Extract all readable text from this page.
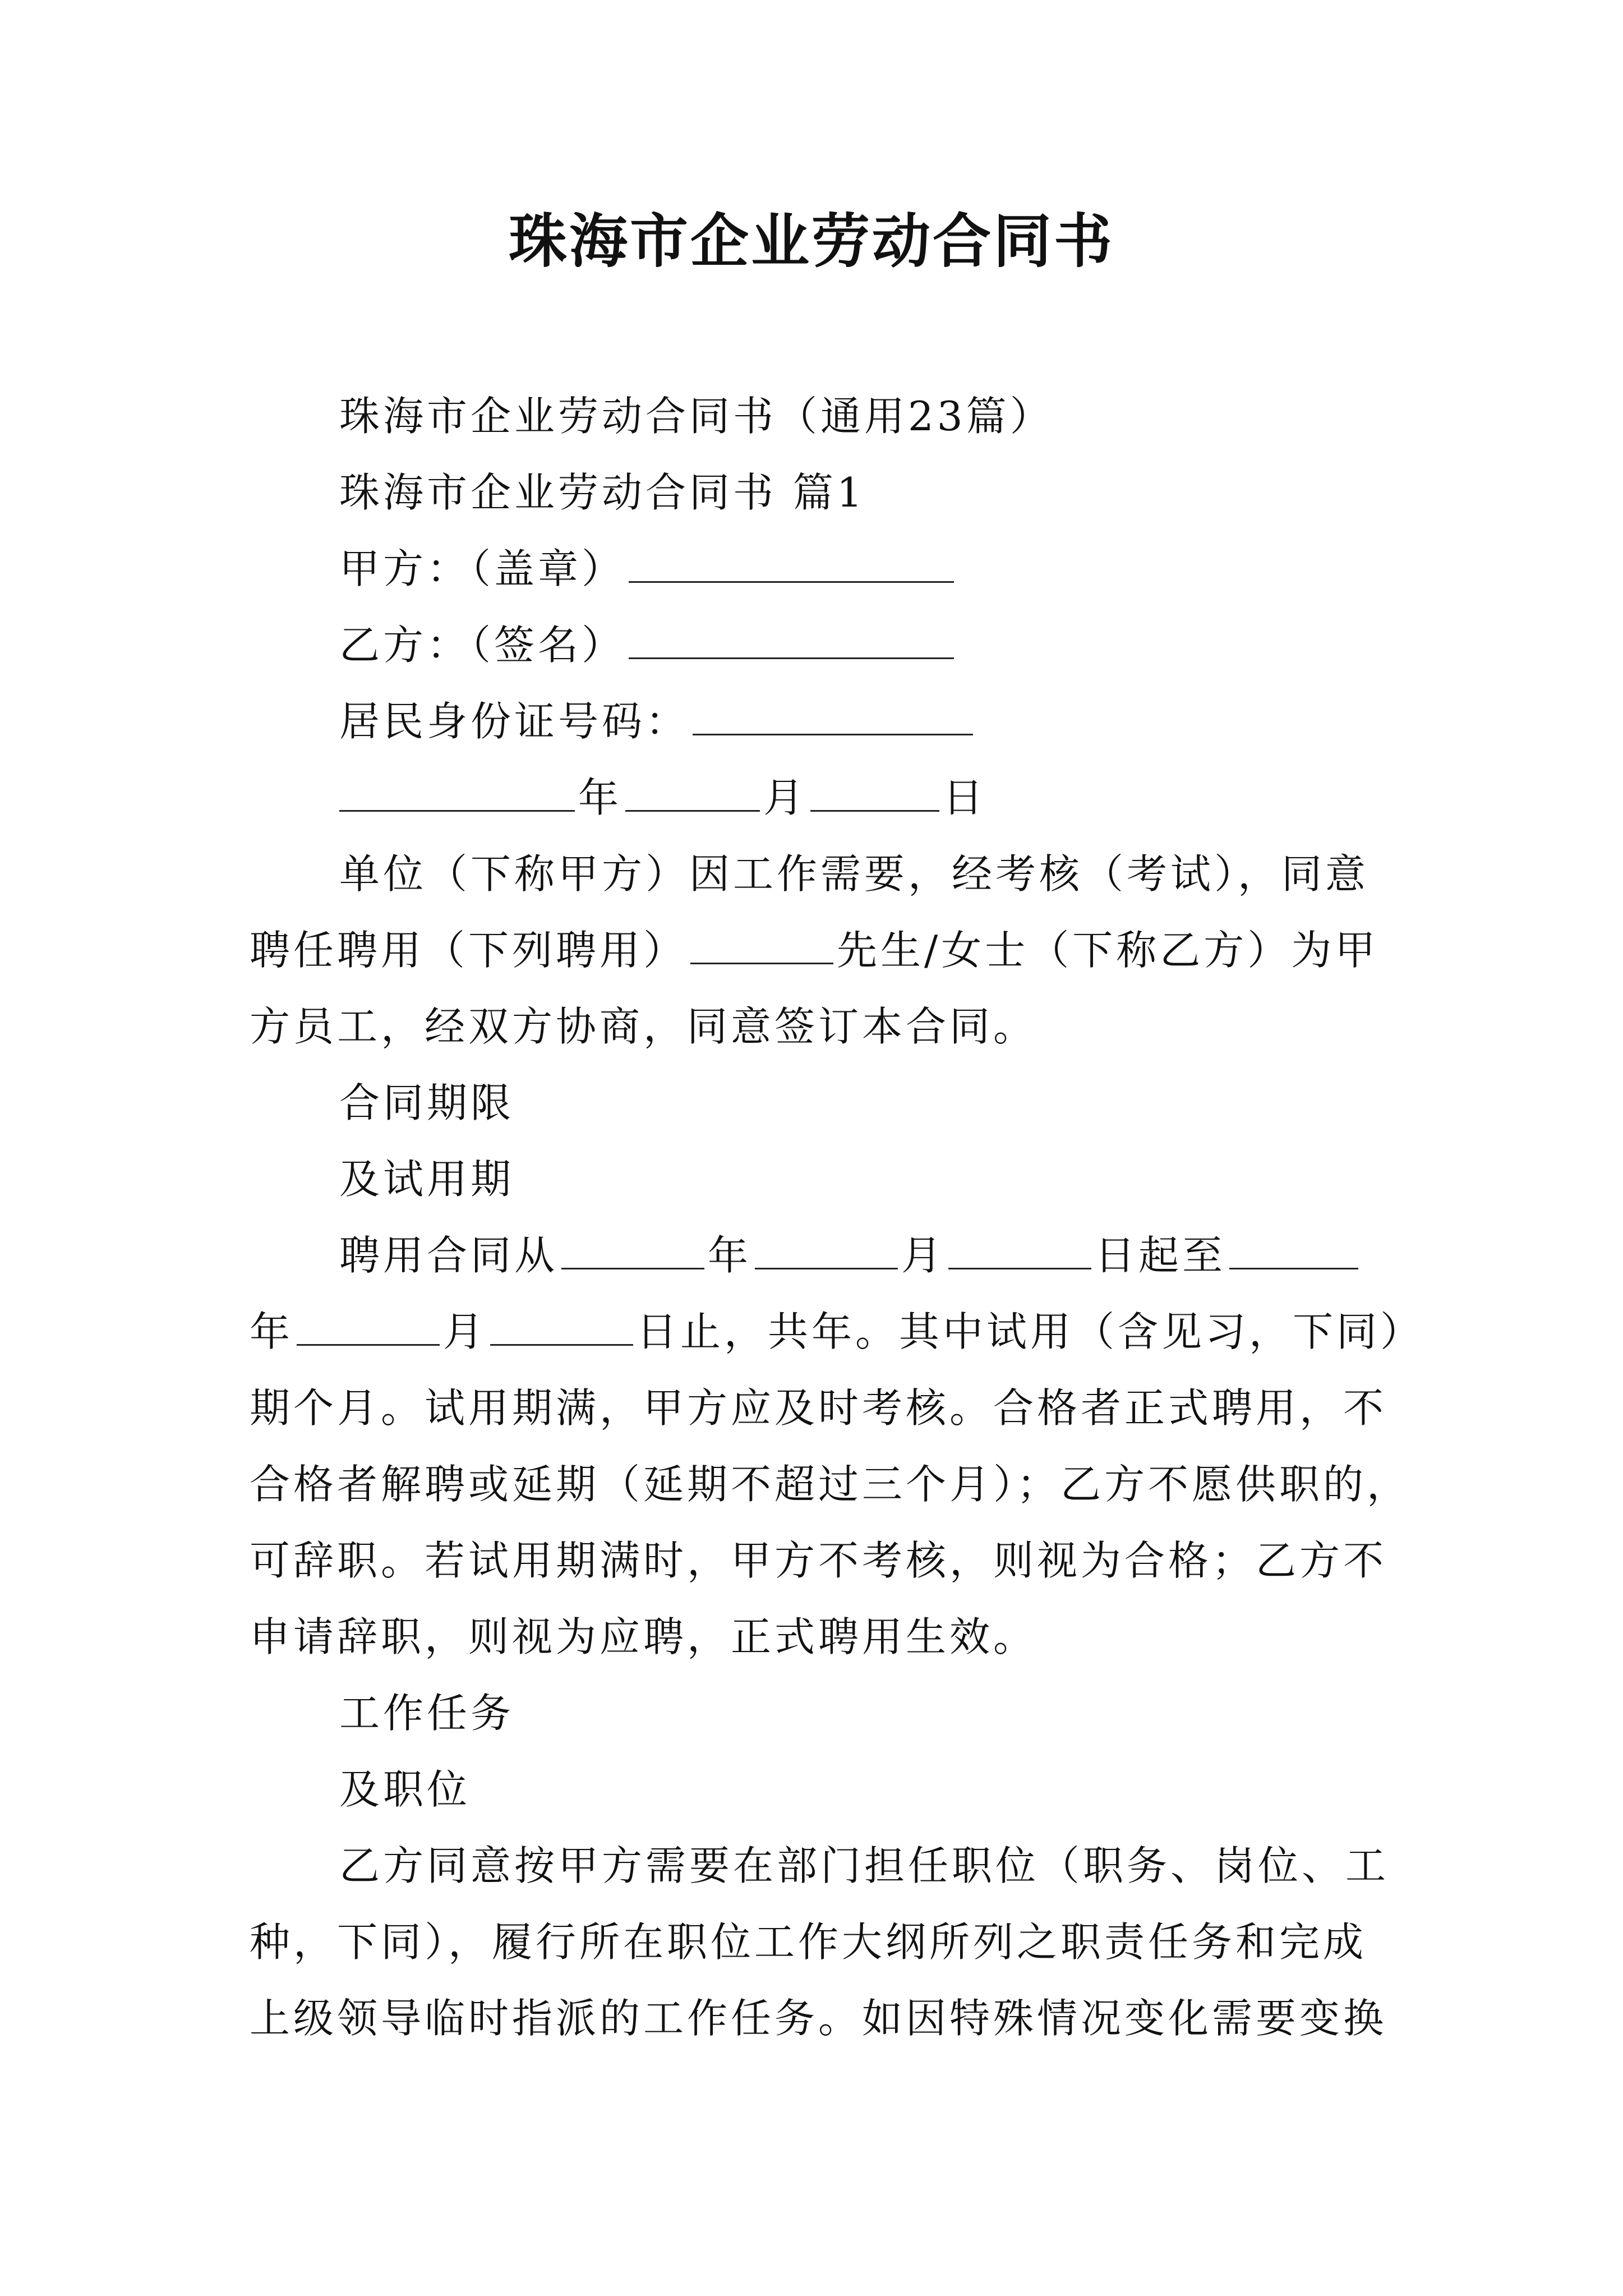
珠海市企业劳动合同书
珠海市企业劳动合同书（通用23篇）
珠海市企业劳动合同书 篇1
甲方：（盖章）
乙方：（签名）
居民身份证号码：
年	月	日
单位（下称甲方）因工作需要，经考核（考试），同意
聘任聘用（下列聘用）	先生/女士（下称乙方）为甲
方员工，经双方协商，同意签订本合同。
合同期限
及试用期
聘用合同从	年	月	日起至
年	月	日止，共年。其中试用（含见习，下同）
期个月。试用期满，甲方应及时考核。合格者正式聘用，不
合格者解聘或延期（延期不超过三个月）；乙方不愿供职的，
可辞职。若试用期满时，甲方不考核，则视为合格；乙方不
申请辞职，则视为应聘，正式聘用生效。
工作任务
及职位
乙方同意按甲方需要在部门担任职位（职务、岗位、工
种，下同），履行所在职位工作大纲所列之职责任务和完成
上级领导临时指派的工作任务。如因特殊情况变化需要变换
